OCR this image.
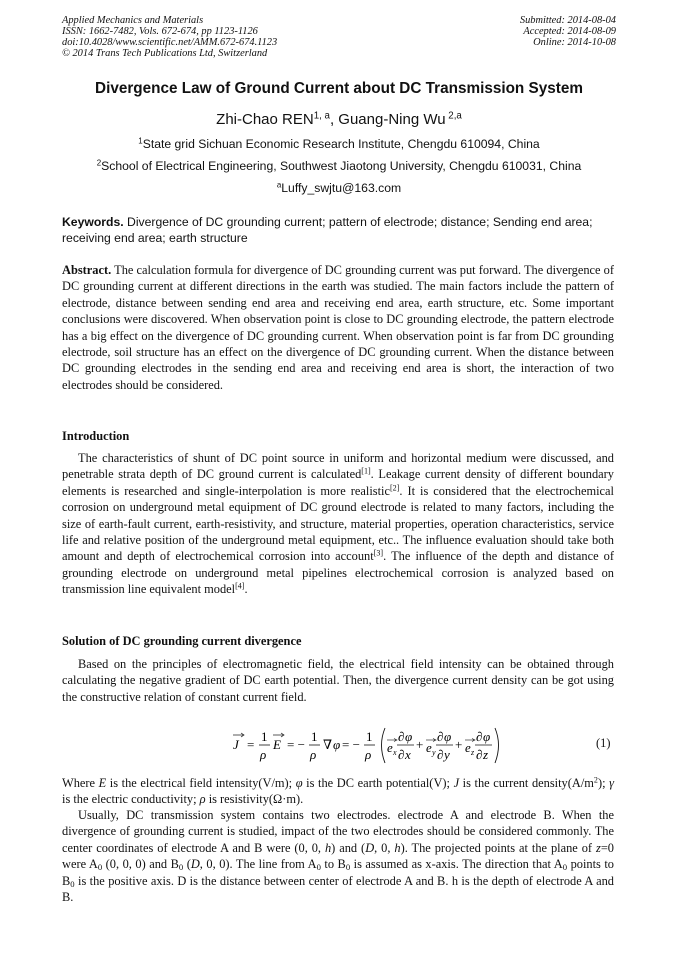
Applied Mechanics and Materials
ISSN: 1662-7482, Vols. 672-674, pp 1123-1126
doi:10.4028/www.scientific.net/AMM.672-674.1123
© 2014 Trans Tech Publications Ltd, Switzerland
Submitted: 2014-08-04
Accepted: 2014-08-09
Online: 2014-10-08
Divergence Law of Ground Current about DC Transmission System
Zhi-Chao REN$^{1, a}$, Guang-Ning Wu $^{2,a}$
$^1$State grid Sichuan Economic Research Institute, Chengdu 610094, China
$^2$School of Electrical Engineering, Southwest Jiaotong University, Chengdu 610031, China
$^a$Luffy_swjtu@163.com
Keywords. Divergence of DC grounding current; pattern of electrode; distance; Sending end area; receiving end area; earth structure
Abstract. The calculation formula for divergence of DC grounding current was put forward. The divergence of DC grounding current at different directions in the earth was studied. The main factors include the pattern of electrode, distance between sending end area and receiving end area, earth structure, etc. Some important conclusions were discovered. When observation point is close to DC grounding electrode, the pattern electrode has a big effect on the divergence of DC grounding current. When observation point is far from DC grounding electrode, soil structure has an effect on the divergence of DC grounding current. When the distance between DC grounding electrodes in the sending end area and receiving end area is short, the interaction of two electrodes should be considered.
Introduction
The characteristics of shunt of DC point source in uniform and horizontal medium were discussed, and penetrable strata depth of DC ground current is calculated[1]. Leakage current density of different boundary elements is researched and single-interpolation is more realistic[2]. It is considered that the electrochemical corrosion on underground metal equipment of DC ground electrode is related to many factors, including the size of earth-fault current, earth-resistivity, and structure, material properties, operation characteristics, service life and relative position of the underground metal equipment, etc.. The influence evaluation should take both amount and depth of electrochemical corrosion into account[3]. The influence of the depth and distance of grounding electrode on underground metal pipelines electrochemical corrosion is analyzed based on transmission line equivalent model[4].
Solution of DC grounding current divergence
Based on the principles of electromagnetic field, the electrical field intensity can be obtained through calculating the negative gradient of DC earth potential. Then, the divergence current density can be got using the constructive relation of constant current field.
J =
1
ρ
E = −
1
ρ
∇ φ = −
1
ρ e x
∂ φ
∂ x
+ e y
∂ φ
∂ y
+ e z
∂ φ
∂ z
(1)
Where E is the electrical field intensity(V/m); φ is the DC earth potential(V); J is the current $density(A/m^2)$; γ is the electric conductivity; ρ is resistivity(Ω·m).
Usually, DC transmission system contains two electrodes. electrode A and electrode B. When the divergence of grounding current is studied, impact of the two electrodes should be considered commonly. The center coordinates of electrode A and B were (0, 0, h) and (D, 0, h). The projected points at the plane of z=0 were $A_0$ (0, 0, 0) and $B_0$ (D, 0, 0). The line from $A_0$ to $B_0$ is assumed as x-axis. The direction that $A_0$ points to $B_0$ is the positive axis. D is the distance between center of electrode A and B. h is the depth of electrode A and B.
